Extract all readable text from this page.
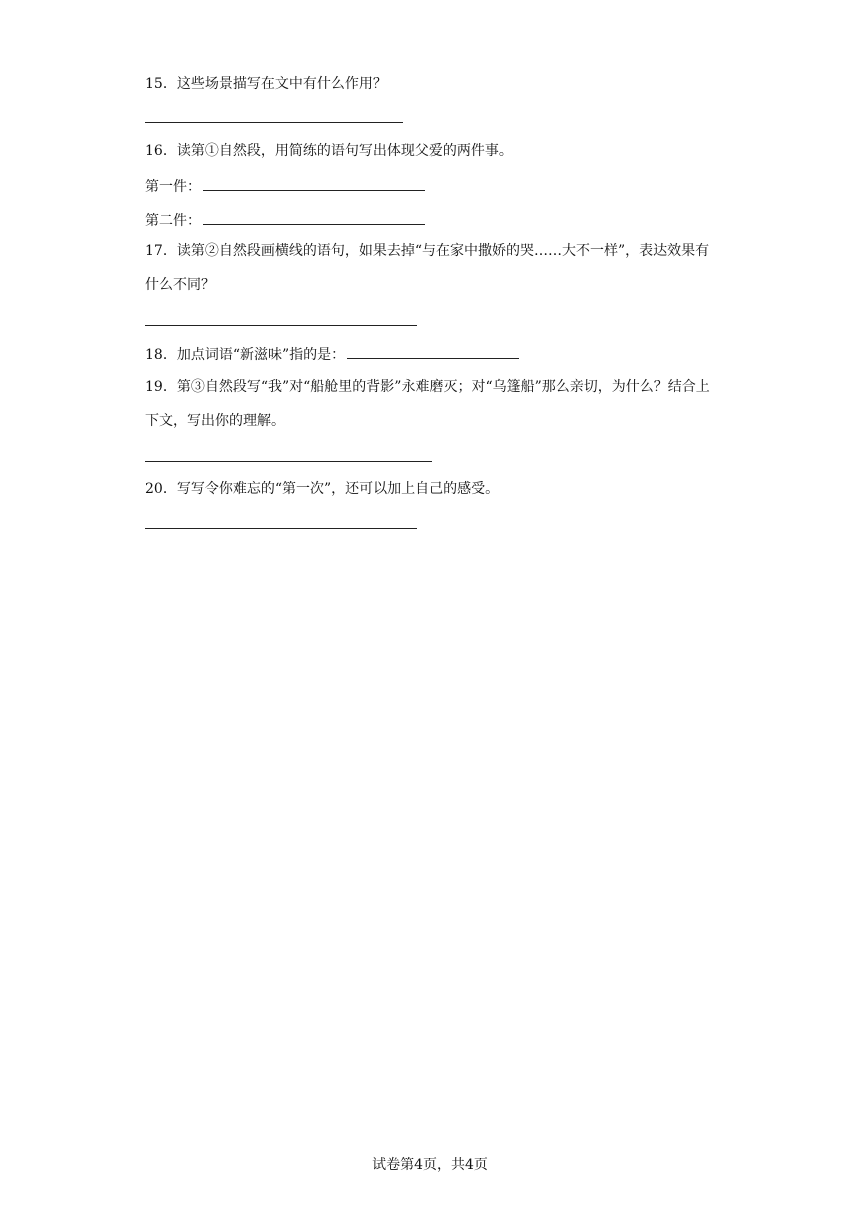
15．这些场景描写在文中有什么作用？
16．读第①自然段，用简练的语句写出体现父爱的两件事。
第一件：
第二件：
17．读第②自然段画横线的语句，如果去掉“与在家中撒娇的哭……大不一样”，表达效果有什么不同？
18．加点词语“新滋味”指的是：
19．第③自然段写“我”对“船舱里的背影”永难磨灭；对“乌篷船”那么亲切，为什么？结合上下文，写出你的理解。
20．写写令你难忘的“第一次”，还可以加上自己的感受。
试卷第4页，共4页
